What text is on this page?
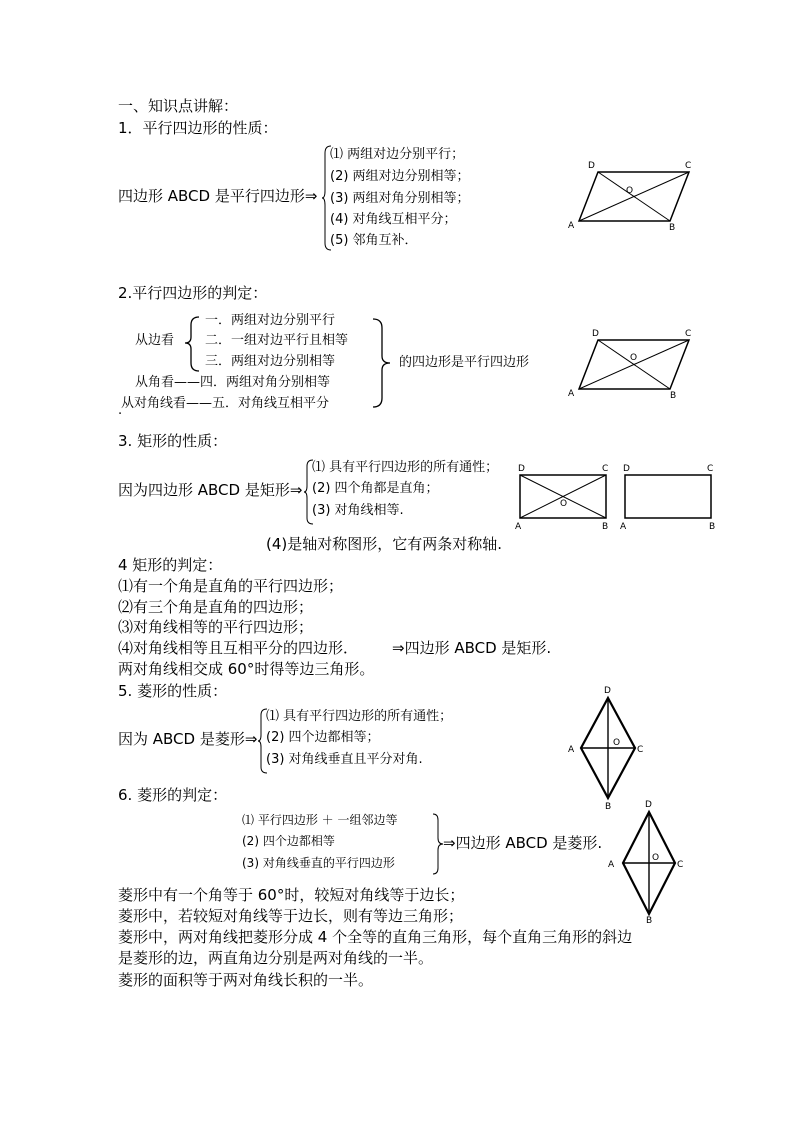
一、知识点讲解：
1．平行四边形的性质：
四边形 ABCD 是平行四边形⇒
⑴ 两组对边分别平行；
(2) 两组对边分别相等；
(3) 两组对角分别相等；
(4) 对角线互相平分；
(5) 邻角互补．
D	C
A	B
O
2.平行四边形的判定：
从边看
一．两组对边分别平行
二．一组对边平行且相等
三．两组对边分别相等
从角看——四．两组对角分别相等
从对角线看——五．对角线互相平分
.
的四边形是平行四边形
D	C
A	B
O
3. 矩形的性质：
因为四边形 ABCD 是矩形⇒
⑴ 具有平行四边形的所有通性；
(2) 四个角都是直角；
(3) 对角线相等.
D	C
A	B
O
D	C
A	B
(4)是轴对称图形，它有两条对称轴.
4 矩形的判定：
⑴有一个角是直角的平行四边形；
⑵有三个角是直角的四边形；
⑶对角线相等的平行四边形；
⑷对角线相等且互相平分的四边形． ⇒四边形 ABCD 是矩形.
两对角线相交成 60°时得等边三角形。
5. 菱形的性质：
因为 ABCD 是菱形⇒
⑴ 具有平行四边形的所有通性；
(2) 四个边都相等；
(3) 对角线垂直且平分对角.
D
A	C
B
O
6. 菱形的判定：
⑴ 平行四边形 ＋ 一组邻边等
(2) 四个边都相等
(3) 对角线垂直的平行四边形
⇒四边形 ABCD 是菱形.
D
A	C
B
O
菱形中有一个角等于 60°时，较短对角线等于边长；
菱形中，若较短对角线等于边长，则有等边三角形；
菱形中，两对角线把菱形分成 4 个全等的直角三角形，每个直角三角形的斜边
是菱形的边，两直角边分别是两对角线的一半。
菱形的面积等于两对角线长积的一半。
